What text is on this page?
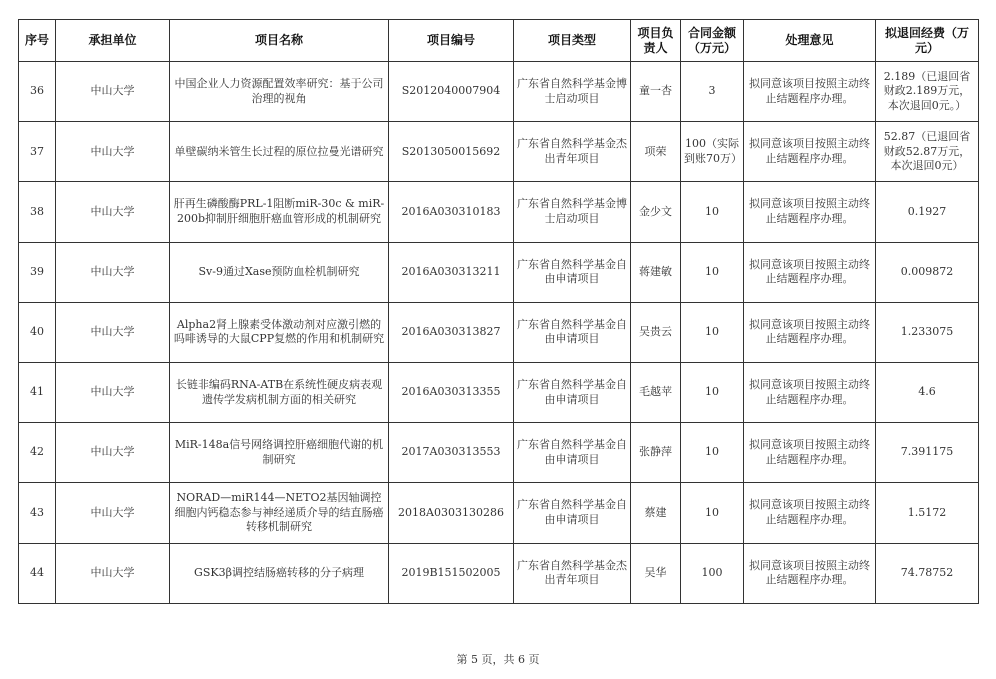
序号	承担单位	项目名称	项目编号	项目类型	项目负责人	合同金额（万元）	处理意见	拟退回经费（万元）
36	中山大学	中国企业人力资源配置效率研究：基于公司治理的视角	S2012040007904	广东省自然科学基金博士启动项目	童一杏	3	拟同意该项目按照主动终止结题程序办理。	2.189（已退回省财政2.189万元，本次退回0元。）
37	中山大学	单壁碳纳米管生长过程的原位拉曼光谱研究	S2013050015692	广东省自然科学基金杰出青年项目	项荣	100（实际到账70万）	拟同意该项目按照主动终止结题程序办理。	52.87（已退回省财政52.87万元，本次退回0元）
38	中山大学	肝再生磷酸酶PRL-1阻断miR-30c & miR-200b抑制肝细胞肝癌血管形成的机制研究	2016A030310183	广东省自然科学基金博士启动项目	金少文	10	拟同意该项目按照主动终止结题程序办理。	0.1927
39	中山大学	Sv-9通过Xase预防血栓机制研究	2016A030313211	广东省自然科学基金自由申请项目	蒋建敏	10	拟同意该项目按照主动终止结题程序办理。	0.009872
40	中山大学	Alpha2肾上腺素受体激动剂对应激引燃的吗啡诱导的大鼠CPP复燃的作用和机制研究	2016A030313827	广东省自然科学基金自由申请项目	吴贵云	10	拟同意该项目按照主动终止结题程序办理。	1.233075
41	中山大学	长链非编码RNA-ATB在系统性硬皮病表观遗传学发病机制方面的相关研究	2016A030313355	广东省自然科学基金自由申请项目	毛越苹	10	拟同意该项目按照主动终止结题程序办理。	4.6
42	中山大学	MiR-148a信号网络调控肝癌细胞代谢的机制研究	2017A030313553	广东省自然科学基金自由申请项目	张静萍	10	拟同意该项目按照主动终止结题程序办理。	7.391175
43	中山大学	NORAD—miR144—NETO2基因轴调控细胞内钙稳态参与神经递质介导的结直肠癌转移机制研究	2018A0303130286	广东省自然科学基金自由申请项目	蔡建	10	拟同意该项目按照主动终止结题程序办理。	1.5172
44	中山大学	GSK3β调控结肠癌转移的分子病理	2019B151502005	广东省自然科学基金杰出青年项目	吴华	100	拟同意该项目按照主动终止结题程序办理。	74.78752
第 5 页，共 6 页
